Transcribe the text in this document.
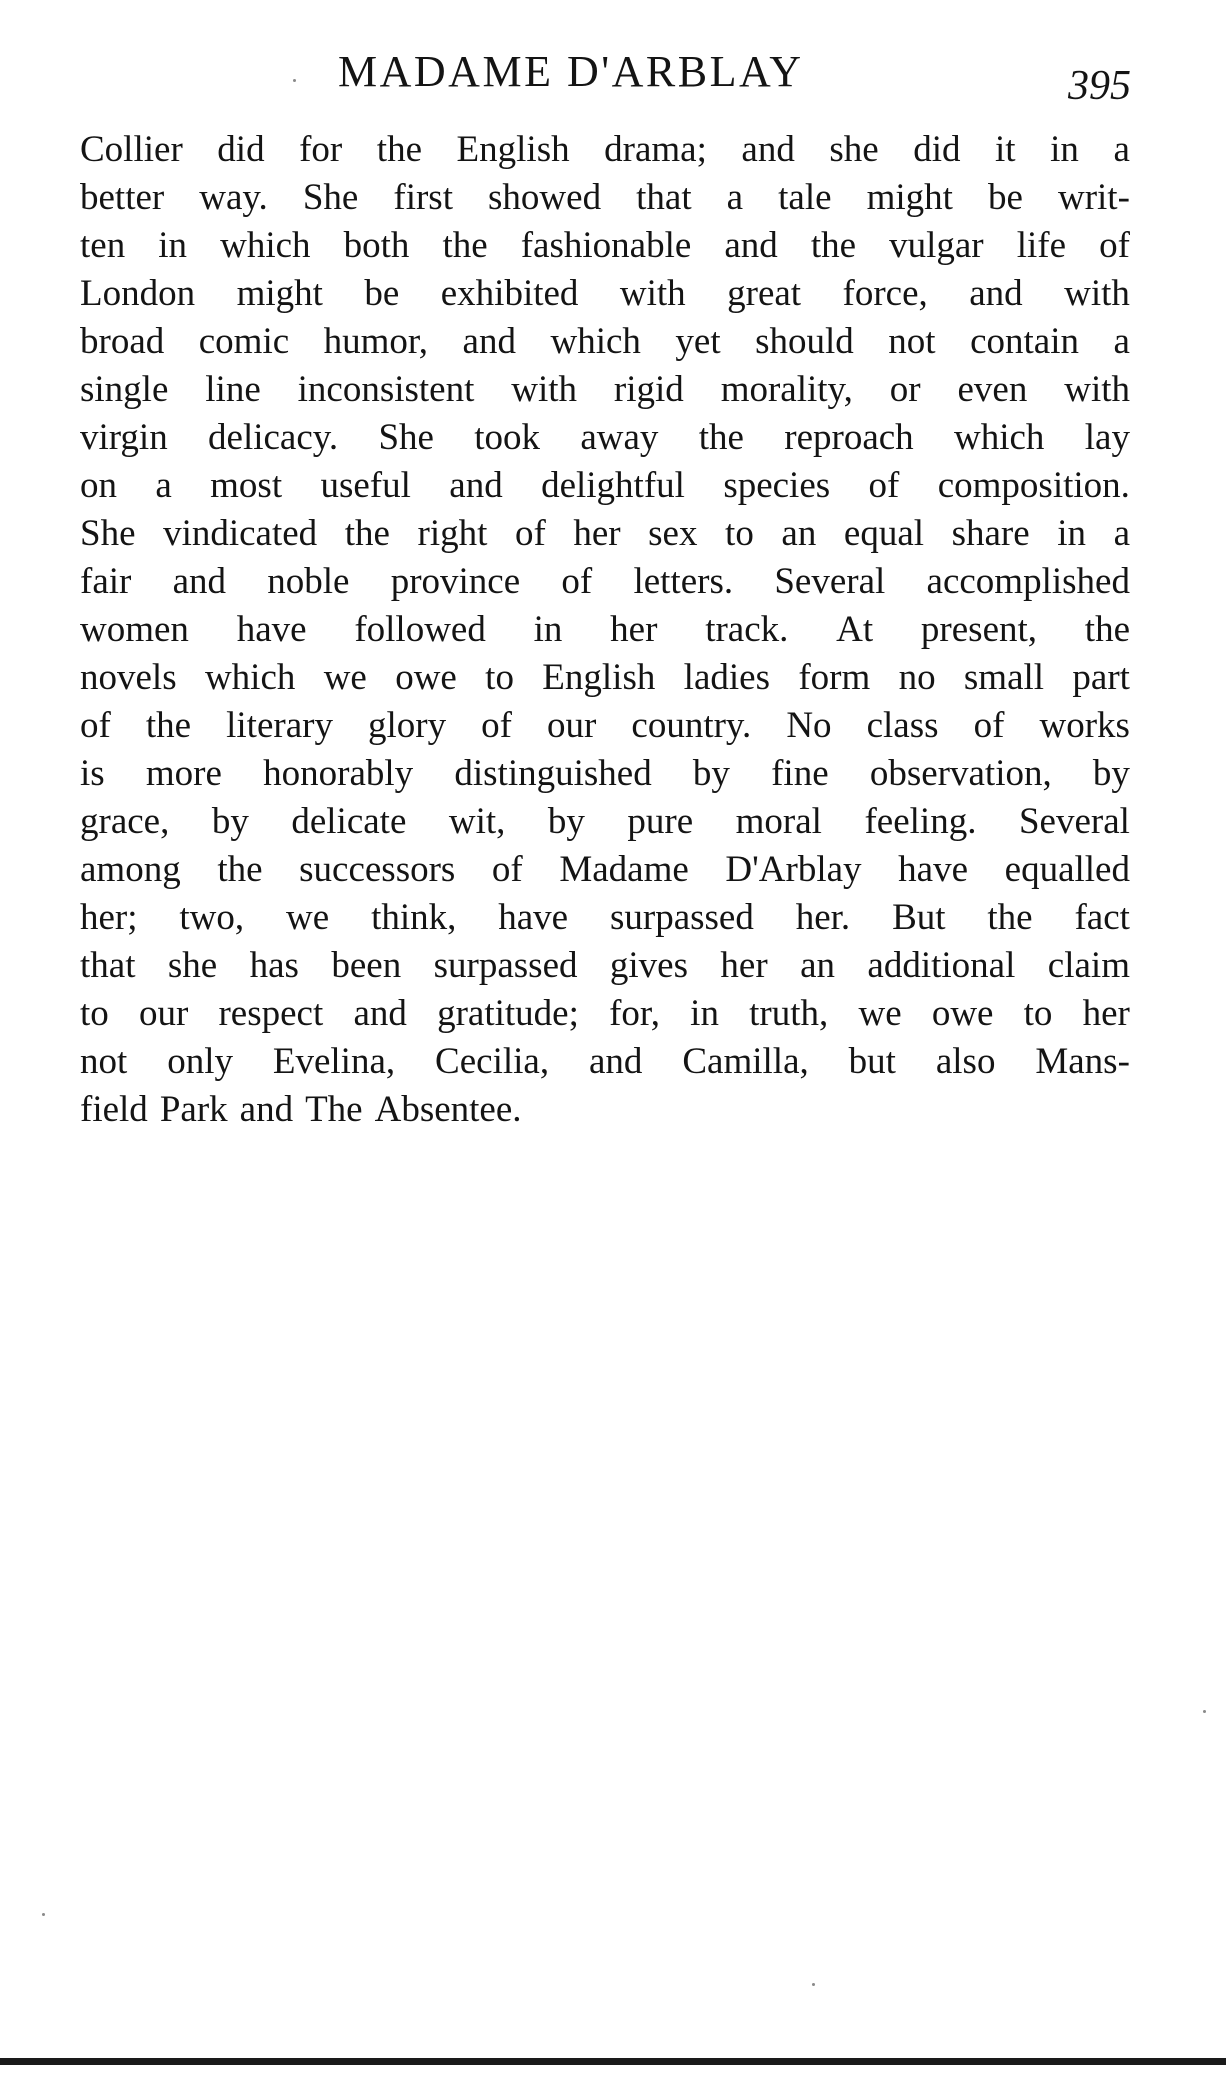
MADAME D'ARBLAY	395
Collier did for the English drama; and she did it in a
better way. She first showed that a tale might be writ-
ten in which both the fashionable and the vulgar life of
London might be exhibited with great force, and with
broad comic humor, and which yet should not contain a
single line inconsistent with rigid morality, or even with
virgin delicacy. She took away the reproach which lay
on a most useful and delightful species of composition.
She vindicated the right of her sex to an equal share in a
fair and noble province of letters. Several accomplished
women have followed in her track. At present, the
novels which we owe to English ladies form no small part
of the literary glory of our country. No class of works
is more honorably distinguished by fine observation, by
grace, by delicate wit, by pure moral feeling. Several
among the successors of Madame D'Arblay have equalled
her; two, we think, have surpassed her. But the fact
that she has been surpassed gives her an additional claim
to our respect and gratitude; for, in truth, we owe to her
not only Evelina, Cecilia, and Camilla, but also Mans-
field Park and The Absentee.
